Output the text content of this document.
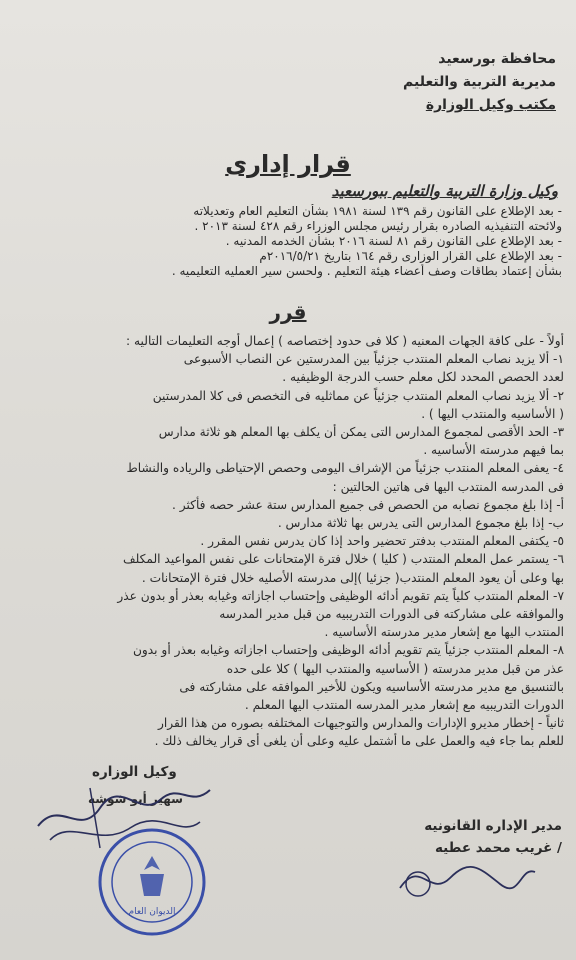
محافظة بورسعيد
مديرية التربية والتعليم
مكتب وكيل الوزارة
قرار إدارى
وكيل وزارة التربية والتعليم ببورسعيد
- بعد الإطلاع على القانون رقم ١٣٩ لسنة ١٩٨١ بشأن التعليم العام وتعديلاته
ولائحته التنفيذيه الصادره بقرار رئيس مجلس الوزراء رقم ٤٢٨ لسنة ٢٠١٣ .
- بعد الإطلاع على القانون رقم ٨١ لسنة ٢٠١٦ بشأن الخدمه المدنيه .
- بعد الإطلاع على القرار الوزارى رقم ١٦٤ بتاريخ ٢٠١٦/٥/٢١م
بشأن إعتماد بطاقات وصف أعضاء هيئة التعليم . ولحسن سير العمليه التعليميه .
قرر
أولاً - على كافة الجهات المعنيه ( كلا فى حدود إختصاصه ) إعمال أوجه التعليمات التاليه :
١- ألا يزيد نصاب المعلم المنتدب جزئياً بين المدرستين عن النصاب الأسبوعى
لعدد الحصص المحدد لكل معلم حسب الدرجة الوظيفيه .
٢- ألا يزيد نصاب المعلم المنتدب جزئياً عن مماثليه فى التخصص فى كلا المدرستين
( الأساسيه والمنتدب اليها ) .
٣- الحد الأقصى لمجموع المدارس التى يمكن أن يكلف بها المعلم هو ثلاثة مدارس
بما فيهم مدرسته الأساسيه .
٤- يعفى المعلم المنتدب جزئياً من الإشراف اليومى وحصص الإحتياطى والرياده والنشاط
فى المدرسه المنتدب اليها فى هاتين الحالتين :
أ- إذا بلغ مجموع نصابه من الحصص فى جميع المدارس ستة عشر حصه فأكثر .
ب- إذا بلغ مجموع المدارس التى يدرس بها ثلاثة مدارس .
٥- يكتفى المعلم المنتدب بدفتر تحضير واحد إذا كان يدرس نفس المقرر .
٦- يستمر عمل المعلم المنتدب ( كليا ) خلال فترة الإمتحانات على نفس المواعيد المكلف
بها وعلى أن يعود المعلم المنتدب( جزئيا )إلى مدرسته الأصليه خلال فترة الإمتحانات .
٧- المعلم المنتدب كلياً يتم تقويم أدائه الوظيفى وإحتساب اجازاته وغيابه بعذر أو بدون عذر
والموافقه على مشاركته فى الدورات التدريبيه من قبل مدير المدرسه
المنتدب اليها مع إشعار مدير مدرسته الأساسيه .
٨- المعلم المنتدب جزئياً يتم تقويم أدائه الوظيفى وإحتساب اجازاته وغيابه بعذر أو بدون
عذر من قبل مدير مدرسته ( الأساسيه والمنتدب اليها ) كلا على حده
بالتنسيق مع مدير مدرسته الأساسيه ويكون للأخير الموافقه على مشاركته فى
الدورات التدريبيه مع إشعار مدير المدرسه المنتدب اليها المعلم .
ثانياً - إخطار مديرو الإدارات والمدارس والتوجيهات المختلفه بصوره من هذا القرار
للعلم بما جاء فيه والعمل على ما أشتمل عليه وعلى أن يلغى أى قرار يخالف ذلك .
وكيل الوزاره
سهير أبو شوشه
مدير الإداره القانونيه
/ غريب محمد عطيه
الديوان العام
